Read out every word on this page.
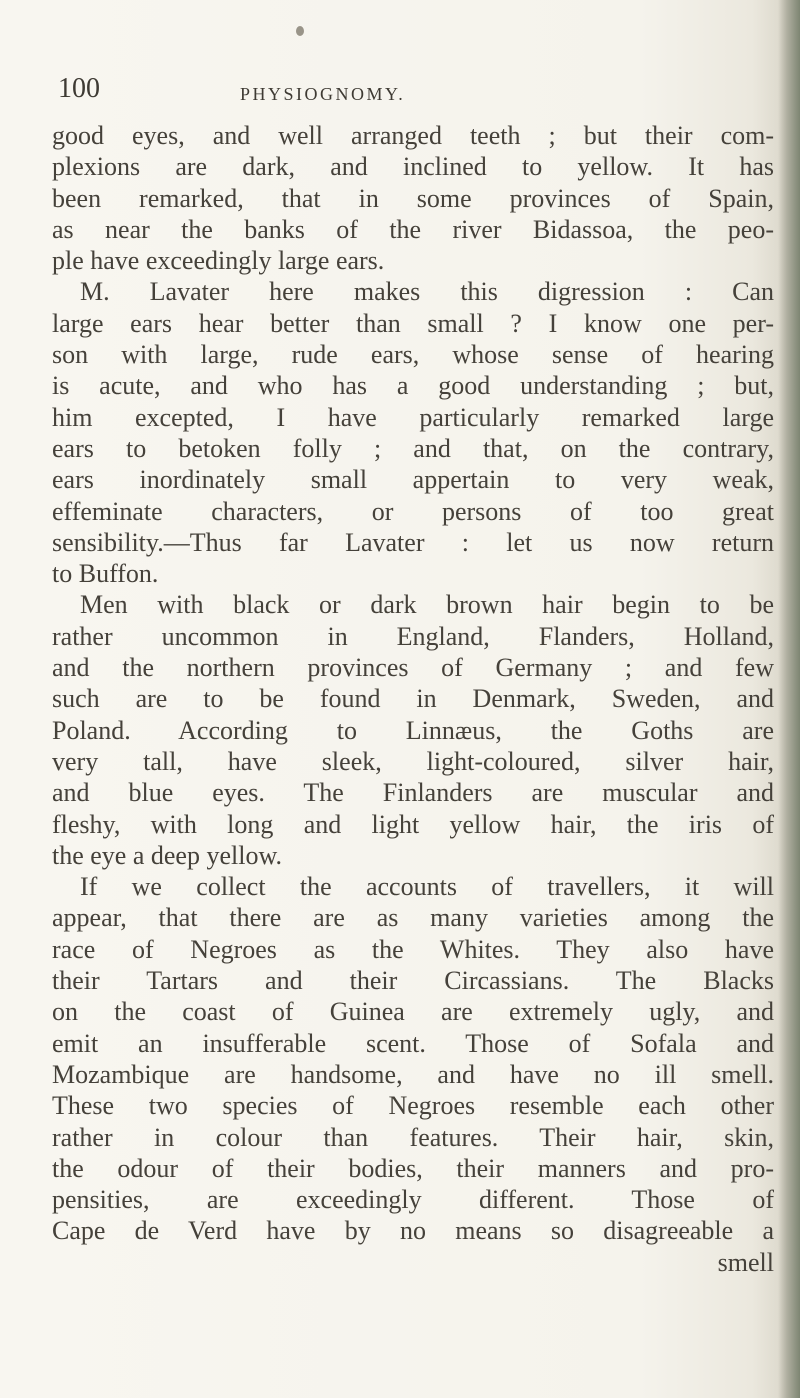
100	PHYSIOGNOMY.
good eyes, and well arranged teeth ; but their com-
plexions are dark, and inclined to yellow. It has
been remarked, that in some provinces of Spain,
as near the banks of the river Bidassoa, the peo-
ple have exceedingly large ears.
M. Lavater here makes this digression : Can
large ears hear better than small ? I know one per-
son with large, rude ears, whose sense of hearing
is acute, and who has a good understanding ; but,
him excepted, I have particularly remarked large
ears to betoken folly ; and that, on the contrary,
ears inordinately small appertain to very weak,
effeminate characters, or persons of too great
sensibility.—Thus far Lavater : let us now return
to Buffon.
Men with black or dark brown hair begin to be
rather uncommon in England, Flanders, Holland,
and the northern provinces of Germany ; and few
such are to be found in Denmark, Sweden, and
Poland. According to Linnæus, the Goths are
very tall, have sleek, light-coloured, silver hair,
and blue eyes. The Finlanders are muscular and
fleshy, with long and light yellow hair, the iris of
the eye a deep yellow.
If we collect the accounts of travellers, it will
appear, that there are as many varieties among the
race of Negroes as the Whites. They also have
their Tartars and their Circassians. The Blacks
on the coast of Guinea are extremely ugly, and
emit an insufferable scent. Those of Sofala and
Mozambique are handsome, and have no ill smell.
These two species of Negroes resemble each other
rather in colour than features. Their hair, skin,
the odour of their bodies, their manners and pro-
pensities, are exceedingly different. Those of
Cape de Verd have by no means so disagreeable a
smell
